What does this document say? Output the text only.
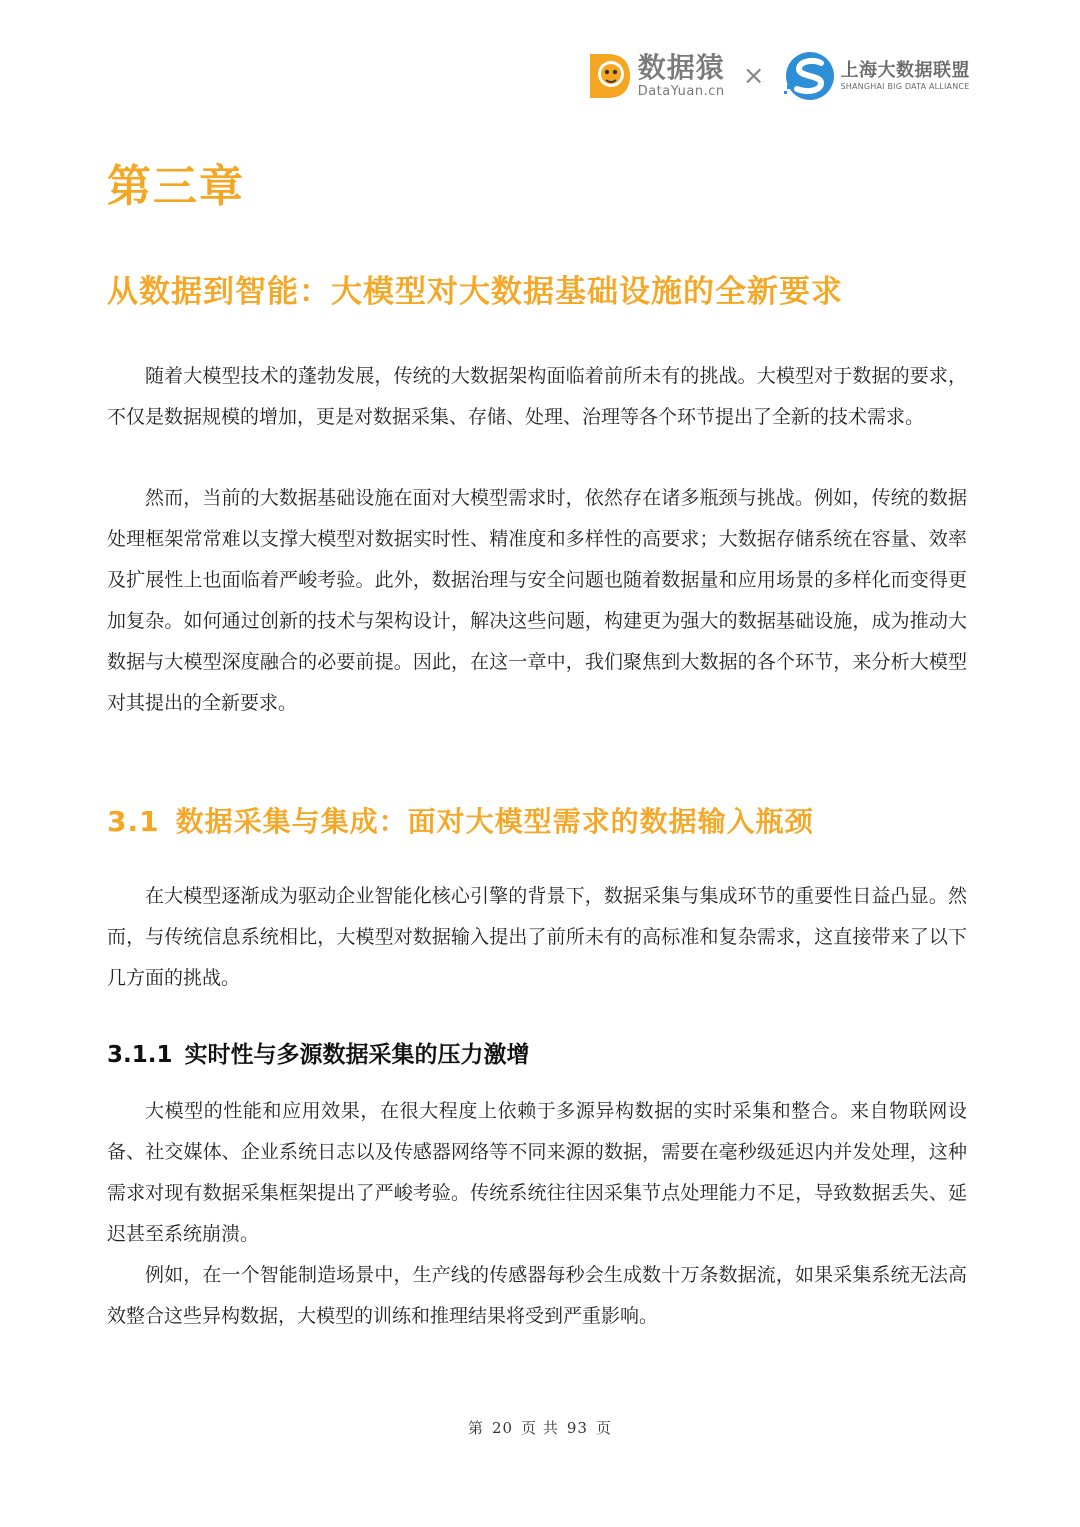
数据猿
DataYuan.cn
×	上海大数据联盟
SHANGHAI BIG DATA ALLIANCE
第三章
从数据到智能：大模型对大数据基础设施的全新要求

随着大模型技术的蓬勃发展，传统的大数据架构面临着前所未有的挑战。大模型对于数据的要求，不仅是数据规模的增加，更是对数据采集、存储、处理、治理等各个环节提出了全新的技术需求。

然而，当前的大数据基础设施在面对大模型需求时，依然存在诸多瓶颈与挑战。例如，传统的数据处理框架常常难以支撑大模型对数据实时性、精准度和多样性的高要求；大数据存储系统在容量、效率及扩展性上也面临着严峻考验。此外，数据治理与安全问题也随着数据量和应用场景的多样化而变得更加复杂。如何通过创新的技术与架构设计，解决这些问题，构建更为强大的数据基础设施，成为推动大数据与大模型深度融合的必要前提。因此，在这一章中，我们聚焦到大数据的各个环节，来分析大模型对其提出的全新要求。

3.1 数据采集与集成：面对大模型需求的数据输入瓶颈

在大模型逐渐成为驱动企业智能化核心引擎的背景下，数据采集与集成环节的重要性日益凸显。然而，与传统信息系统相比，大模型对数据输入提出了前所未有的高标准和复杂需求，这直接带来了以下几方面的挑战。

3.1.1 实时性与多源数据采集的压力激增

大模型的性能和应用效果，在很大程度上依赖于多源异构数据的实时采集和整合。来自物联网设备、社交媒体、企业系统日志以及传感器网络等不同来源的数据，需要在毫秒级延迟内并发处理，这种需求对现有数据采集框架提出了严峻考验。传统系统往往因采集节点处理能力不足，导致数据丢失、延迟甚至系统崩溃。

例如，在一个智能制造场景中，生产线的传感器每秒会生成数十万条数据流，如果采集系统无法高效整合这些异构数据，大模型的训练和推理结果将受到严重影响。

第 20 页 共 93 页
